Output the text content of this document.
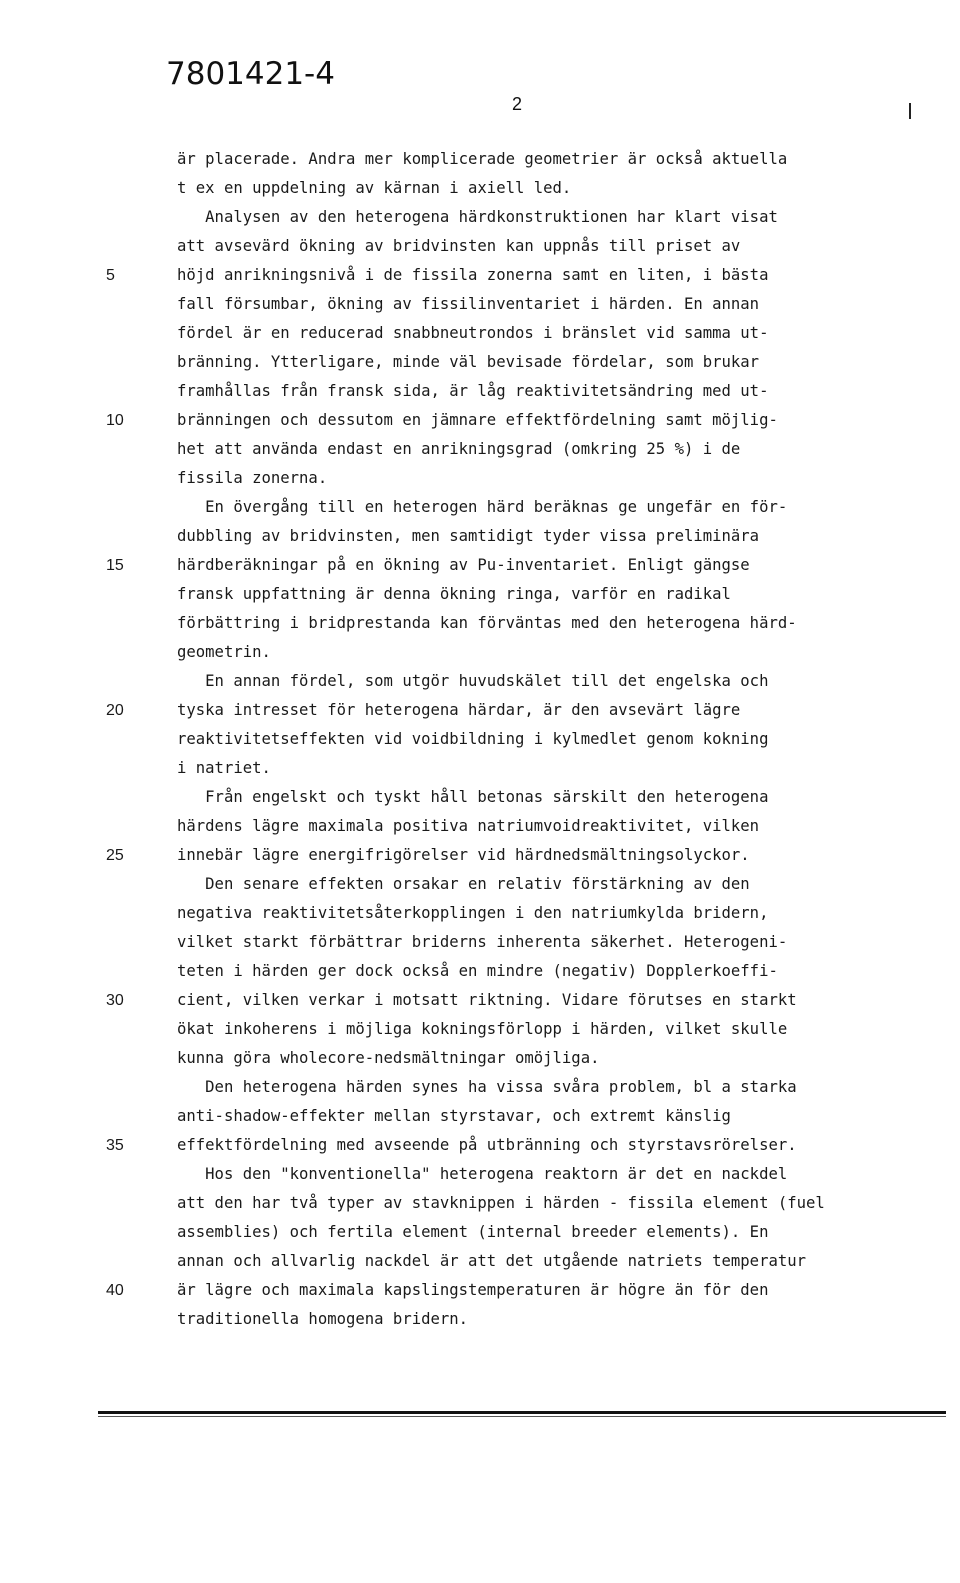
7801421-4
2
är placerade. Andra mer komplicerade geometrier är också aktuella
t ex en uppdelning av kärnan i axiell led.
Analysen av den heterogena härdkonstruktionen har klart visat
att avsevärd ökning av bridvinsten kan uppnås till priset av
höjd anrikningsnivå i de fissila zonerna samt en liten, i bästa
fall försumbar, ökning av fissilinventariet i härden. En annan
fördel är en reducerad snabbneutrondos i bränslet vid samma ut-
bränning. Ytterligare, minde väl bevisade fördelar, som brukar
framhållas från fransk sida, är låg reaktivitetsändring med ut-
bränningen och dessutom en jämnare effektfördelning samt möjlig-
het att använda endast en anrikningsgrad (omkring 25 %) i de
fissila zonerna.
En övergång till en heterogen härd beräknas ge ungefär en för-
dubbling av bridvinsten, men samtidigt tyder vissa preliminära
härdberäkningar på en ökning av Pu-inventariet. Enligt gängse
fransk uppfattning är denna ökning ringa, varför en radikal
förbättring i bridprestanda kan förväntas med den heterogena härd-
geometrin.
En annan fördel, som utgör huvudskälet till det engelska och
tyska intresset för heterogena härdar, är den avsevärt lägre
reaktivitetseffekten vid voidbildning i kylmedlet genom kokning
i natriet.
Från engelskt och tyskt håll betonas särskilt den heterogena
härdens lägre maximala positiva natriumvoidreaktivitet, vilken
innebär lägre energifrigörelser vid härdnedsmältningsolyckor.
Den senare effekten orsakar en relativ förstärkning av den
negativa reaktivitetsåterkopplingen i den natriumkylda bridern,
vilket starkt förbättrar briderns inherenta säkerhet. Heterogeni-
teten i härden ger dock också en mindre (negativ) Dopplerkoeffi-
cient, vilken verkar i motsatt riktning. Vidare förutses en starkt
ökat inkoherens i möjliga kokningsförlopp i härden, vilket skulle
kunna göra wholecore-nedsmältningar omöjliga.
Den heterogena härden synes ha vissa svåra problem, bl a starka
anti-shadow-effekter mellan styrstavar, och extremt känslig
effektfördelning med avseende på utbränning och styrstavsrörelser.
Hos den "konventionella" heterogena reaktorn är det en nackdel
att den har två typer av stavknippen i härden - fissila element (fuel
assemblies) och fertila element (internal breeder elements). En
annan och allvarlig nackdel är att det utgående natriets temperatur
är lägre och maximala kapslingstemperaturen är högre än för den
traditionella homogena bridern.
5
10
15
20
25
30
35
40
